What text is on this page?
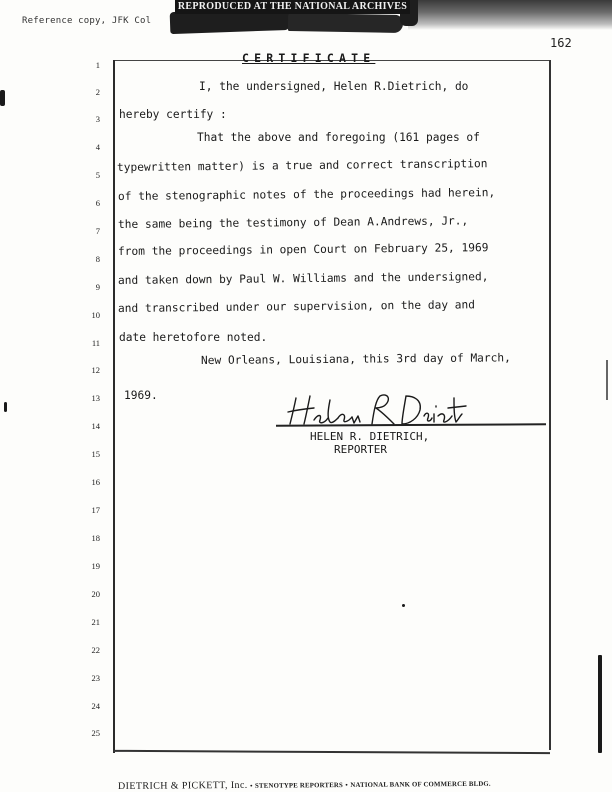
REPRODUCED AT THE NATIONAL ARCHIVES
Reference copy, JFK Col
162
1
2
3
4
5
6
7
8
9
10
11
12
13
14
15
16
17
18
19
20
21
22
23
24
25
CERTIFICATE
I, the undersigned, Helen R.Dietrich, do
hereby certify :
That the above and foregoing (161 pages of
typewritten matter) is a true and correct transcription
of the stenographic notes of the proceedings had herein,
the same being the testimony of Dean A.Andrews, Jr.,
from the proceedings in open Court on February 25, 1969
and taken down by Paul W. Williams and the undersigned,
and transcribed under our supervision, on the day and
date heretofore noted.
New Orleans, Louisiana, this 3rd day of March,
1969.
HELEN R. DIETRICH,
REPORTER
DIETRICH & PICKETT, Inc. • STENOTYPE REPORTERS • NATIONAL BANK OF COMMERCE BLDG.
